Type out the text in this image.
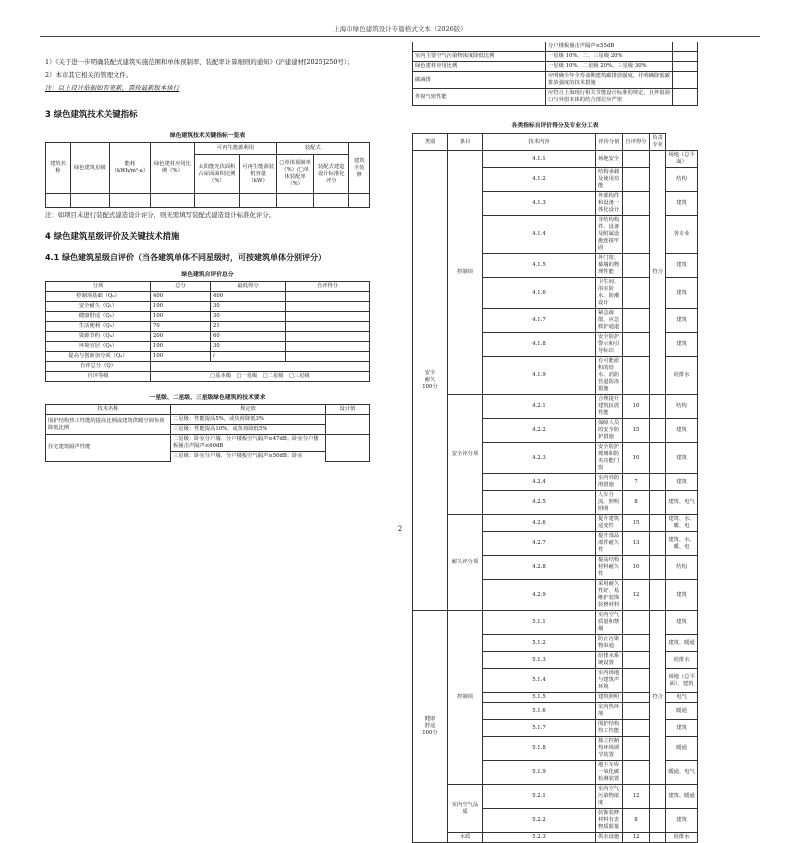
上海市绿色建筑设计专篇格式文本（2026版）

1）《关于进一步明确装配式建筑实施范围和单体预制率、装配率计算细则的通知》(沪建建材[2025]250号）；

2）本市其它相关的管理文件。

注：以上设计依据如有更新，需按最新版本执行

3 绿色建筑技术关键指标
绿色建筑技术关键指标一览表
建筑名称	绿色建筑星级	能耗（kWh/m²·a）	绿色建材应用比例（%）	可再生能源利用		装配式		建筑全装修
				太阳能光伏面积占屋面面积比例（%）	可再生能源装机容量（kW）	□单体预制率（%）/□单体装配率（%）	装配式建造设计标准化评分	

注：如项目未进行装配式建造设计评分，则无需填写装配式建造设计标准化评分。

4 绿色建筑星级评价及关键技术措施
4.1 绿色建筑星级自评价（当各建筑单体不同星级时，可按建筑单体分别评分）
绿色建筑自评价总分
分项	总分	最低得分	自评得分
控制项基础（Q₀）	400	400	
安全耐久（Q₁）	100	30	
健康舒适（Q₂）	100	30	
生活便利（Q₃）	70	21	
资源节约（Q₄）	200	60	
环境宜居（Q₅）	100	30	
提高与创新加分项（Qₐ）	100	/	
自评总分（Q）			
自评等级	□基本级　□一星级　□二星级　□三星级		
一星级、二星级、三星级绿色建筑的技术要求
技术名称	规定值	设计值
围护结构热工性能的提高比例或建筑供暖空调负荷降低比例	二星级：性能提高5%，或负荷降低3%	
	三星级：性能提高10%，或负荷降低5%	
住宅建筑隔声性能	二星级：卧室分户墙、分户楼板空气隔声≥47dB；卧室分户楼板撞击声隔声≤60dB	
	三星级：卧室分户墙、分户楼板空气隔声≥50dB；卧室	
	分户楼板撞击声隔声≤55dB	
室内主要空气污染物浓度降低比例	一星级 10%、二、三星级 20%	
绿色建材应用比例	一星级 10%、二星级 20%、三星级 30%	
碳减排	应明确全年全寿命期建筑碳排放强度，并明确降低碳排放强度的技术措施	
外窗气密性能	应符合上海现行相关节能设计标准的规定，且外窗洞口与外窗本体的结合部位应严密	
各类指标自评价得分及专业分工表
类别	条目	技术内容	评价分值	自评得分	负责专业	

安全
耐久
100分	控制项	4.1.1	场地安全		符合	场地（总平面）
		4.1.2	结构承载及使用功能			结构
		4.1.3	外部构件和设备一体化设计			建筑
		4.1.4	非结构构件、设备及附属设施连接牢固			各专业
		4.1.5	外门窗、幕墙的物理性能			建筑
		4.1.6	卫生间、浴室防水、防潮设计			建筑
		4.1.7	紧急疏散、应急救护通道			建筑
		4.1.8	安全防护警示和引导标识			建筑
		4.1.9	有可能淤积的给水、消防管道防冻措施			给排水
	安全评分项	4.2.1	合理提升建筑抗震性能	10		结构
		4.2.2	保障人员的安全防护措施	15		建筑
		4.2.3	安全防护玻璃和防夹功能门窗	10		建筑
		4.2.4	室内外防滑措施	7		建筑
		4.2.5	人车分流、照明照明	8		建筑、电气
	耐久评分项	4.2.6	提升建筑适变性	15		建筑、水、暖、电
		4.2.7	提升部品部件耐久性	13		建筑、水、暖、电
		4.2.8	提高结构材料耐久性	10		结构
		4.2.9	采用耐久性好、易维护装饰装修材料	12		建筑

健康
舒适
100分	控制项	5.1.1	室内空气质量和禁烟		符合	建筑
		5.1.2	防止污染物串通			建筑、暖通
		5.1.3	给排水系统设置			给排水
		5.1.4	室内场地与建筑声环境			场地（总平面）、建筑
		5.1.5	建筑照明			电气
		5.1.6	室内热环境			暖通
		5.1.7	围护结构热工性能			建筑
		5.1.8	独立控制热环境调节装置			暖通
		5.1.9	地下车库一氧化碳检测装置			暖通、电气
	室内空气品质	5.2.1	室内空气污染物浓度	12		建筑、暖通
		5.2.2	装饰装修材料有害物质限量	8		建筑
	水质	5.2.3	供水设施	12		给排水
2
